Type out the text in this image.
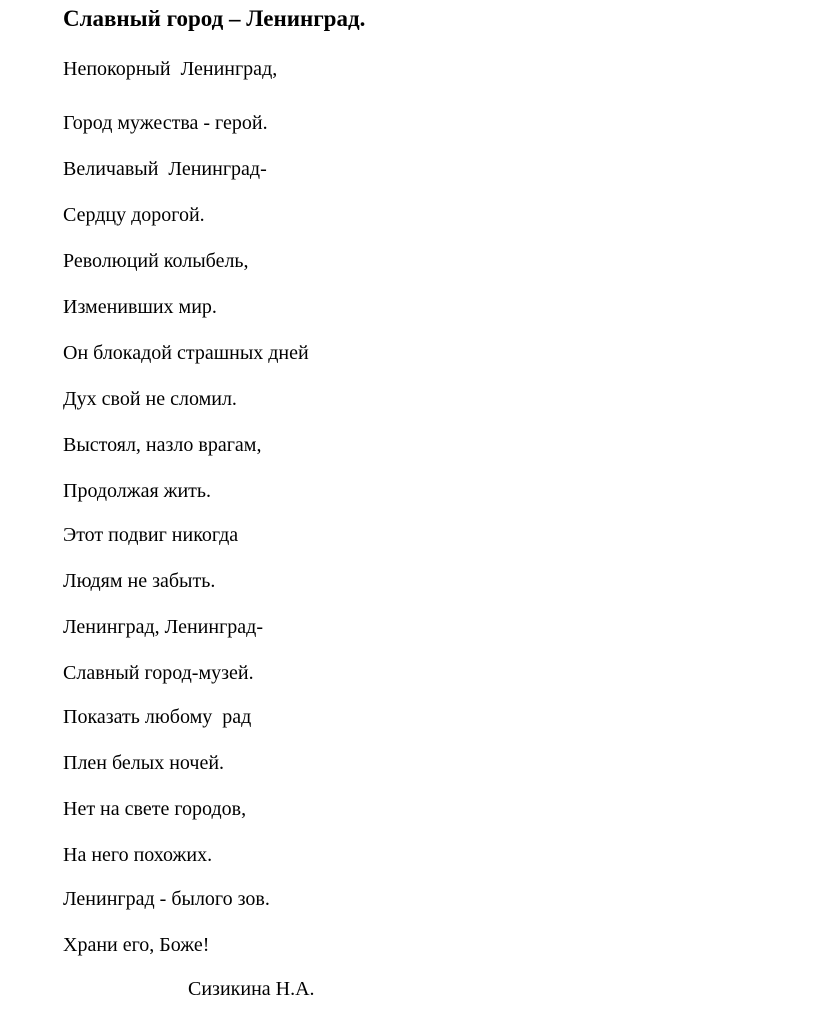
Славный город – Ленинград.
Непокорный  Ленинград,
Город мужества - герой.
Величавый  Ленинград-
Сердцу дорогой.
Революций колыбель,
Изменивших мир.
Он блокадой страшных дней
Дух свой не сломил.
Выстоял, назло врагам,
Продолжая жить.
Этот подвиг никогда
Людям не забыть.
Ленинград, Ленинград-
Славный город-музей.
Показать любому  рад
Плен белых ночей.
Нет на свете городов,
На него похожих.
Ленинград - былого зов.
Храни его, Боже!
Сизикина Н.А.
